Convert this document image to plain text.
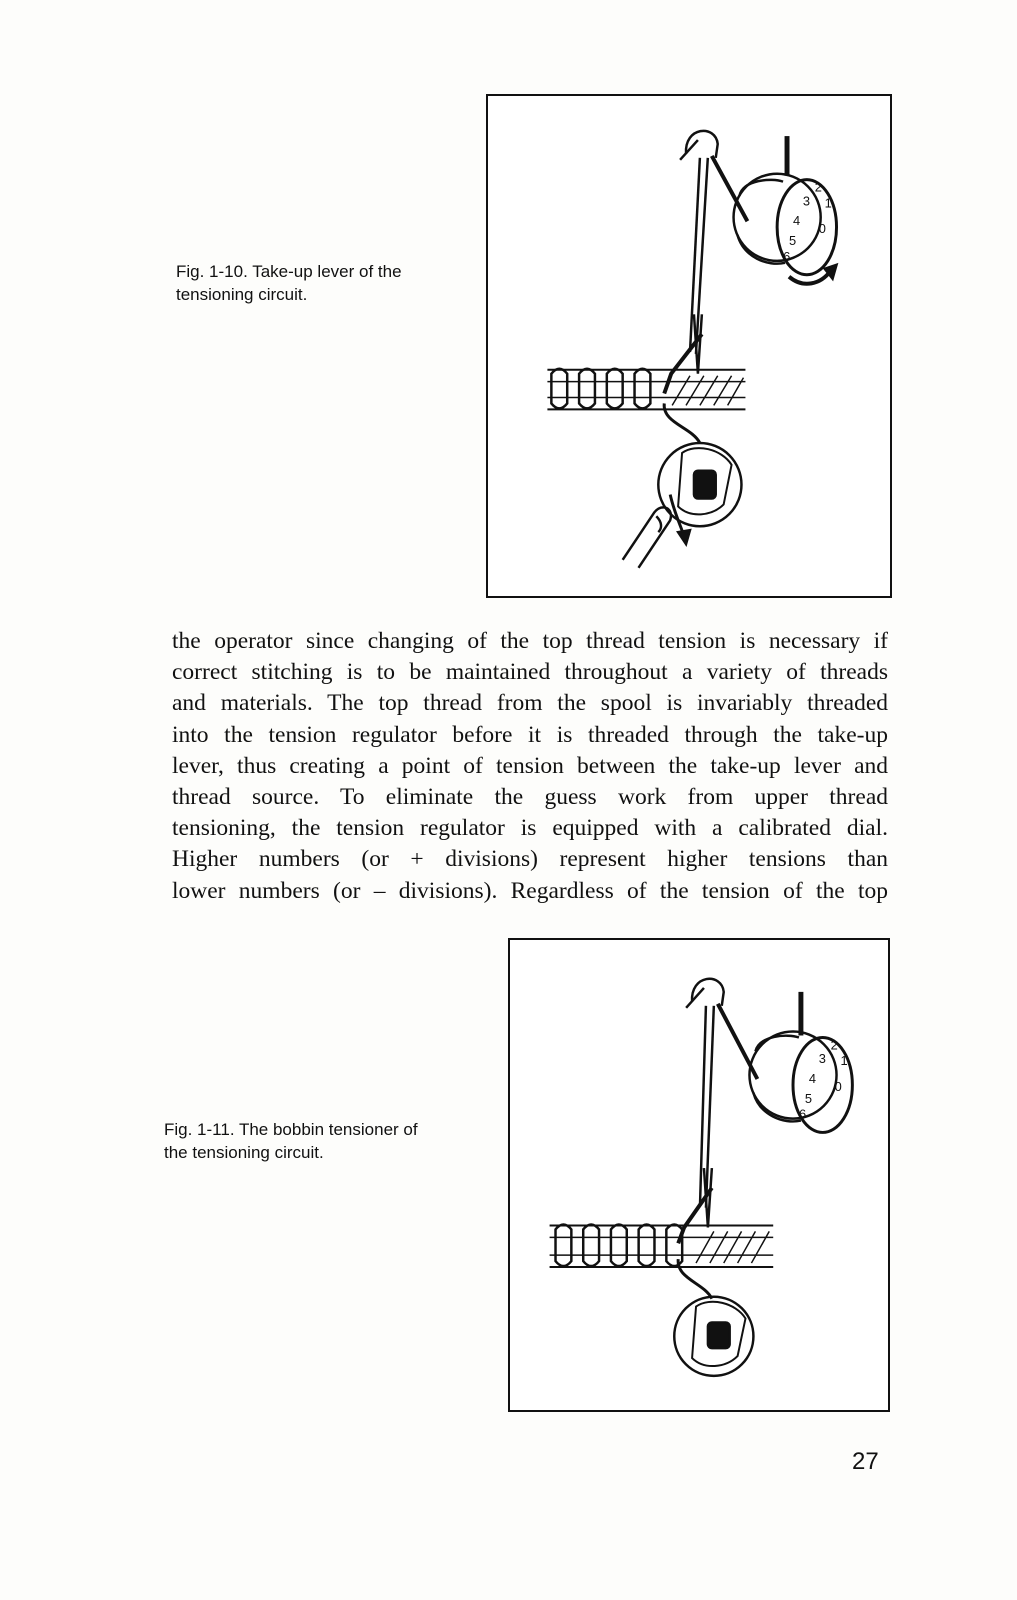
Fig. 1-10. Take-up lever of the
tensioning circuit.
6
5
4
3
2
1
0
the operator since changing of the top thread tension is necessary if
correct stitching is to be maintained throughout a variety of threads
and materials. The top thread from the spool is invariably threaded
into the tension regulator before it is threaded through the take-up
lever, thus creating a point of tension between the take-up lever and
thread source. To eliminate the guess work from upper thread
tensioning, the tension regulator is equipped with a calibrated dial.
Higher numbers (or + divisions) represent higher tensions than
lower numbers (or – divisions). Regardless of the tension of the top
Fig. 1-11. The bobbin tensioner of
the tensioning circuit.
6
5
4
3
2
1
0
27
